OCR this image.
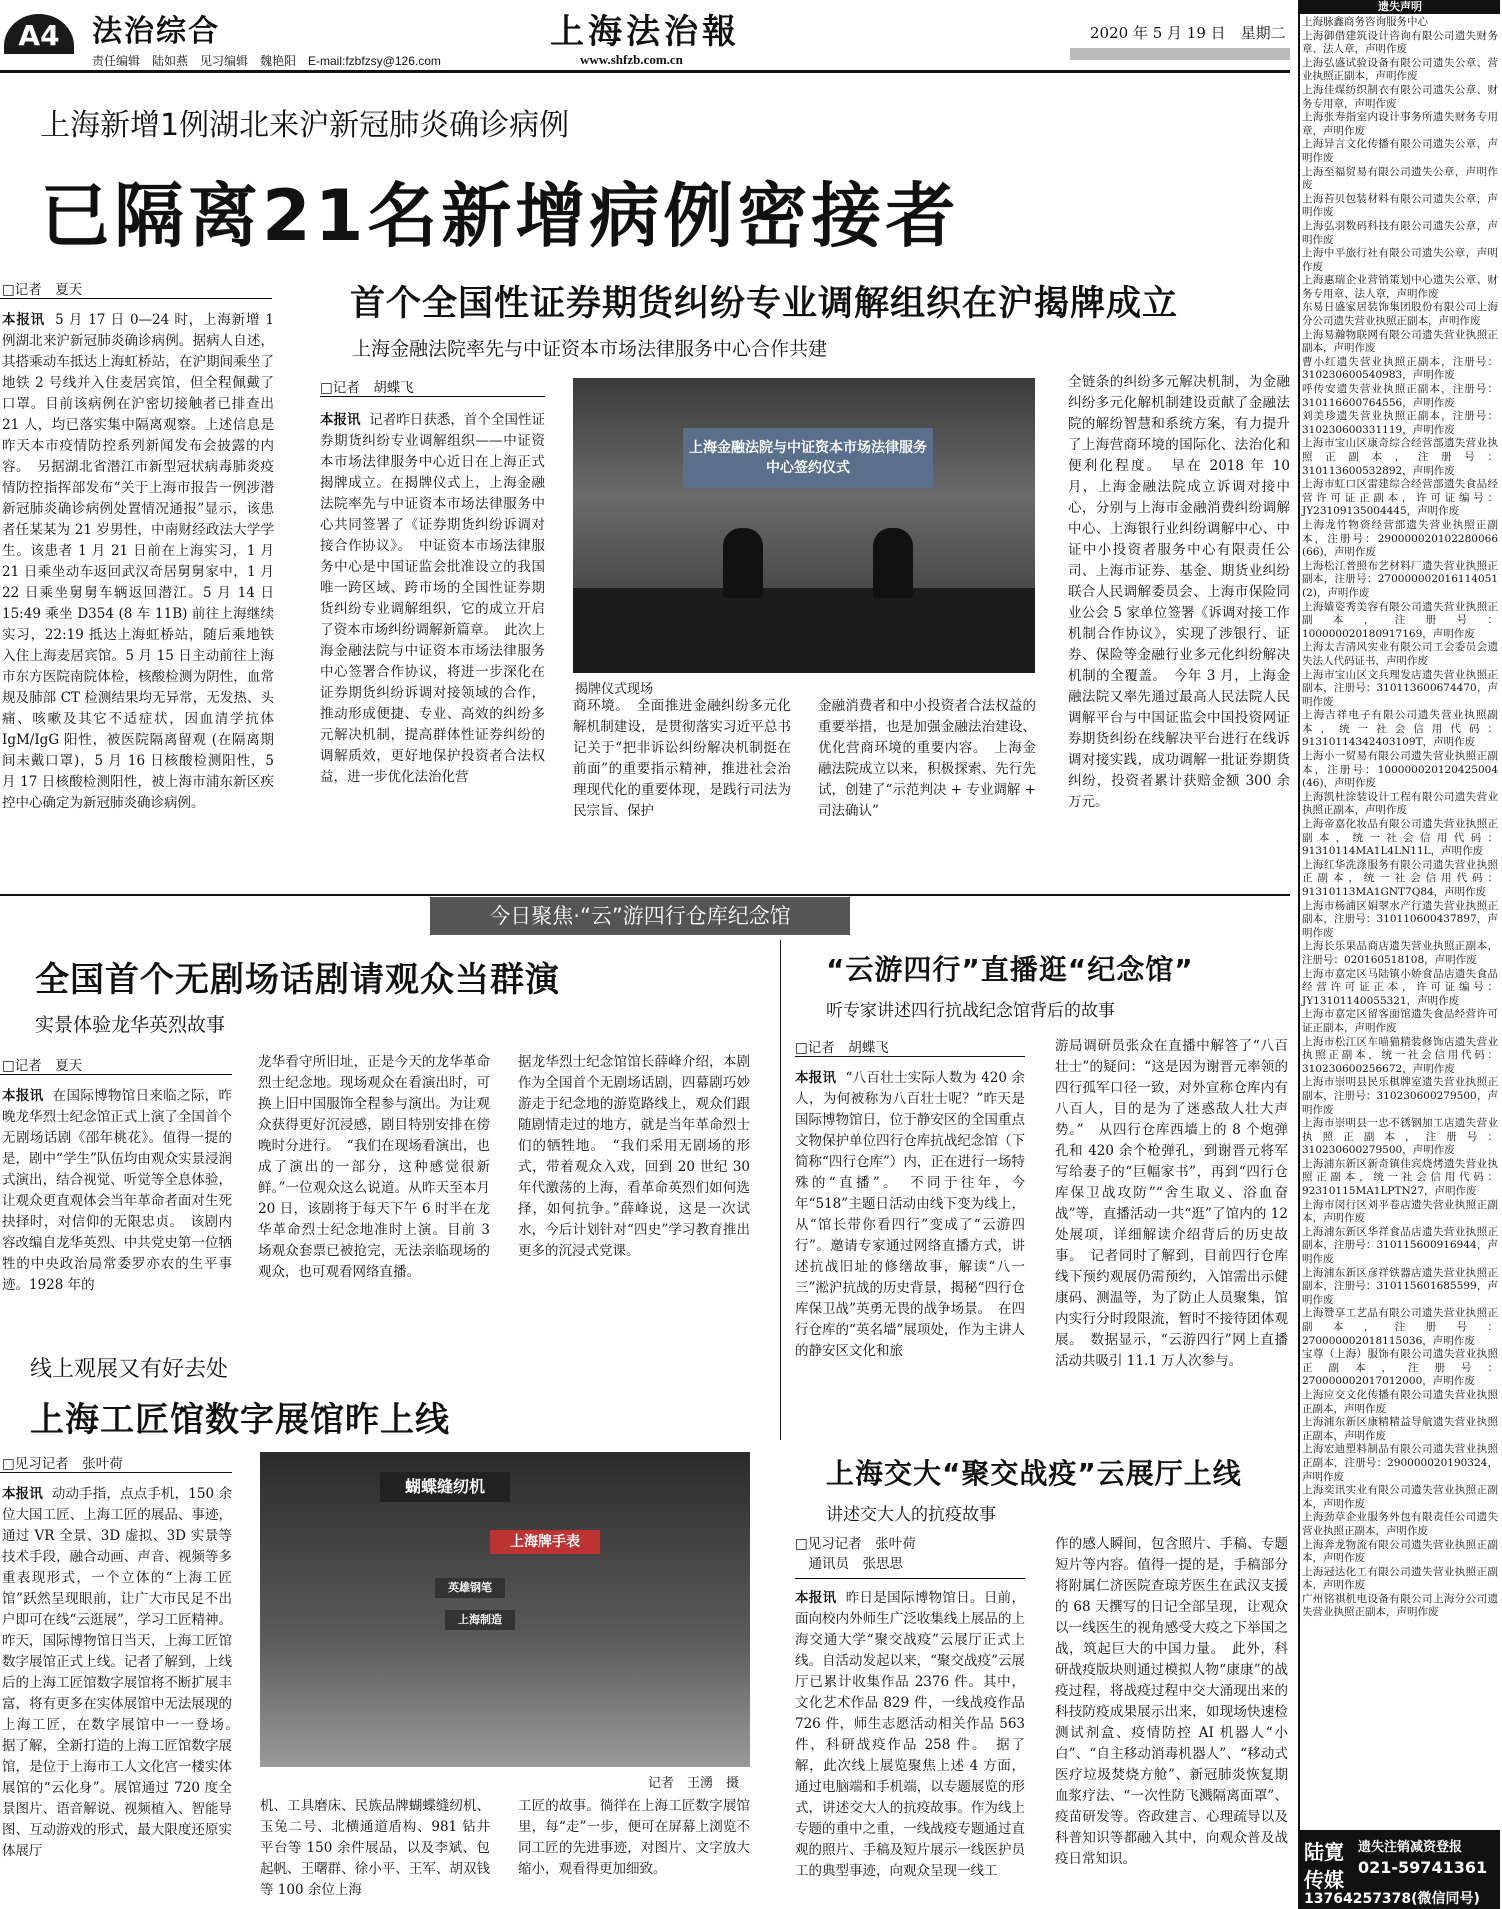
A4	法治综合
责任编辑　陆如燕　见习编辑　魏艳阳　E-mail:fzbfzsy@126.com
上海法治報
www.shfzb.com.cn
2020 年 5 月 19 日　星期二
上海新增1例湖北来沪新冠肺炎确诊病例
已隔离21名新增病例密接者
□记者　夏天

本报讯 5 月 17 日 0—24 时，上海新增 1 例湖北来沪新冠肺炎确诊病例。据病人自述，其搭乘动车抵达上海虹桥站，在沪期间乘坐了地铁 2 号线并入住麦居宾馆，但全程佩戴了口罩。目前该病例在沪密切接触者已排查出 21 人，均已落实集中隔离观察。上述信息是昨天本市疫情防控系列新闻发布会披露的内容。　另据湖北省潜江市新型冠状病毒肺炎疫情防控指挥部发布“关于上海市报告一例涉潜新冠肺炎确诊病例处置情况通报”显示，该患者任某某为 21 岁男性，中南财经政法大学学生。该患者 1 月 21 日前在上海实习，1 月 21 日乘坐动车返回武汉奇居舅舅家中，1 月 22 日乘坐舅舅车辆返回潜江。5 月 14 日 15:49 乘坐 D354 (8 车 11B) 前往上海继续实习，22:19 抵达上海虹桥站，随后乘地铁入住上海麦居宾馆。5 月 15 日主动前往上海市东方医院南院体检，核酸检测为阴性，血常规及肺部 CT 检测结果均无异常，无发热、头痛、咳嗽及其它不适症状，因血清学抗体IgM/IgG 阳性，被医院隔离留观 (在隔离期间未戴口罩)，5 月 16 日核酸检测阳性，5 月 17 日核酸检测阳性，被上海市浦东新区疾控中心确定为新冠肺炎确诊病例。

首个全国性证券期货纠纷专业调解组织在沪揭牌成立
上海金融法院率先与中证资本市场法律服务中心合作共建
□记者　胡蝶飞

本报讯 记者昨日获悉，首个全国性证券期货纠纷专业调解组织——中证资本市场法律服务中心近日在上海正式揭牌成立。在揭牌仪式上，上海金融法院率先与中证资本市场法律服务中心共同签署了《证券期货纠纷诉调对接合作协议》。　中证资本市场法律服务中心是中国证监会批准设立的我国唯一跨区域、跨市场的全国性证券期货纠纷专业调解组织，它的成立开启了资本市场纠纷调解新篇章。　此次上海金融法院与中证资本市场法律服务中心签署合作协议，将进一步深化在证券期货纠纷诉调对接领域的合作，推动形成便捷、专业、高效的纠纷多元解决机制，提高群体性证券纠纷的调解质效，更好地保护投资者合法权益，进一步优化法治化营

上海金融法院与中证资本市场法律服务中心签约仪式
揭牌仪式现场

商环境。　全面推进金融纠纷多元化解机制建设，是贯彻落实习近平总书记关于“把非诉讼纠纷解决机制挺在前面”的重要指示精神，推进社会治理现代化的重要体现，是践行司法为民宗旨、保护

金融消费者和中小投资者合法权益的重要举措，也是加强金融法治建设、优化营商环境的重要内容。　上海金融法院成立以来，积极探索、先行先试，创建了“示范判决 + 专业调解 + 司法确认”

全链条的纠纷多元解决机制，为金融纠纷多元化解机制建设贡献了金融法院的解纷智慧和系统方案，有力提升了上海营商环境的国际化、法治化和便利化程度。　早在 2018 年 10 月，上海金融法院成立诉调对接中心，分别与上海市金融消费纠纷调解中心、上海银行业纠纷调解中心、中证中小投资者服务中心有限责任公司、上海市证券、基金、期货业纠纷联合人民调解委员会、上海市保险同业公会 5 家单位签署《诉调对接工作机制合作协议》，实现了涉银行、证券、保险等金融行业多元化纠纷解决机制的全覆盖。　今年 3 月，上海金融法院又率先通过最高人民法院人民调解平台与中国证监会中国投资网证券期货纠纷在线解决平台进行在线诉调对接实践，成功调解一批证券期货纠纷，投资者累计获赔金额 300 余万元。

今日聚焦·“云”游四行仓库纪念馆
全国首个无剧场话剧请观众当群演
实景体验龙华英烈故事
□记者　夏天

本报讯 在国际博物馆日来临之际，昨晚龙华烈士纪念馆正式上演了全国首个无剧场话剧《邵年桃花》。值得一提的是，剧中“学生”队伍均由观众实景浸润式演出，结合视觉、听觉等全息体验，让观众更直观体会当年革命者面对生死抉择时，对信仰的无限忠贞。　该剧内容改编自龙华英烈、中共党史第一位牺牲的中央政治局常委罗亦农的生平事迹。1928 年的

龙华看守所旧址，正是今天的龙华革命烈士纪念地。现场观众在看演出时，可换上旧中国服饰全程参与演出。为让观众获得更好沉浸感，剧目特别安排在傍晚时分进行。　“我们在现场看演出，也成了演出的一部分，这种感觉很新鲜。”一位观众这么说道。从昨天至本月 20 日，该剧将于每天下午 6 时半在龙华革命烈士纪念地准时上演。目前 3 场观众套票已被抢完，无法亲临现场的观众，也可观看网络直播。

据龙华烈士纪念馆馆长薛峰介绍，本剧作为全国首个无剧场话剧，四幕剧巧妙游走于纪念地的游览路线上，观众们跟随剧情走过的地方，就是当年革命烈士们的牺牲地。　“我们采用无剧场的形式，带着观众入戏，回到 20 世纪 30 年代激荡的上海，看革命英烈们如何选择，如何抗争。”薛峰说，这是一次试水，今后计划针对“四史”学习教育推出更多的沉浸式党课。

“云游四行”直播逛“纪念馆”
听专家讲述四行抗战纪念馆背后的故事
□记者　胡蝶飞

本报讯 “八百壮士实际人数为 420 余人，为何被称为八百壮士呢？”昨天是国际博物馆日，位于静安区的全国重点文物保护单位四行仓库抗战纪念馆（下简称“四行仓库”）内，正在进行一场特殊的“直播”。　不同于往年，今年“518”主题日活动由线下变为线上，从“馆长带你看四行”变成了“云游四行”。邀请专家通过网络直播方式，讲述抗战旧址的修缮故事，解读“八一三”淞沪抗战的历史背景，揭秘“四行仓库保卫战”英勇无畏的战争场景。　在四行仓库的“英名墙”展项处，作为主讲人的静安区文化和旅

游局调研员张众在直播中解答了“八百壮士”的疑问：“这是因为谢晋元率领的四行孤军口径一致，对外宣称仓库内有八百人，目的是为了迷惑敌人壮大声势。”　从四行仓库西墙上的 8 个炮弹孔和 420 余个枪弹孔，到谢晋元将军写给妻子的“巨幅家书”，再到“四行仓库保卫战攻防”“舍生取义、浴血奋战”等，直播活动一共“逛”了馆内的 12 处展项，详细解读介绍背后的历史故事。　记者同时了解到，目前四行仓库线下预约观展仍需预约，入馆需出示健康码、测温等，为了防止人员聚集，馆内实行分时段限流，暂时不接待团体观展。　数据显示，“云游四行”网上直播活动共吸引 11.1 万人次参与。

线上观展又有好去处
上海工匠馆数字展馆昨上线
□见习记者　张叶荷

本报讯 动动手指，点点手机，150 余位大国工匠、上海工匠的展品、事迹，通过 VR 全景、3D 虚拟、3D 实景等技术手段，融合动画、声音、视频等多重表现形式，一个立体的“上海工匠馆”跃然呈现眼前，让广大市民足不出户即可在线“云逛展”，学习工匠精神。昨天，国际博物馆日当天，上海工匠馆数字展馆正式上线。记者了解到，上线后的上海工匠馆数字展馆将不断扩展丰富，将有更多在实体展馆中无法展现的上海工匠，在数字展馆中一一登场。　据了解，全新打造的上海工匠馆数字展馆，是位于上海市工人文化宫一楼实体展馆的“云化身”。展馆通过 720 度全景图片、语音解说、视频植入、智能导图、互动游戏的形式，最大限度还原实体展厅

蝴蝶缝纫机
上海牌手表
英雄钢笔
上海制造
记者　王湧　摄

机、工具磨床、民族品牌蝴蝶缝纫机、玉兔二号、北横通道盾构、981 钻井平台等 150 余件展品，以及李斌、包起帆、王曙群、徐小平、王军、胡双钱等 100 余位上海

工匠的故事。徜徉在上海工匠数字展馆里，每“走”一步，便可在屏幕上浏览不同工匠的先进事迹，对图片、文字放大缩小，观看得更加细致。

上海交大“聚交战疫”云展厅上线
讲述交大人的抗疫故事
□见习记者　张叶荷
　通讯员　张思思

本报讯 昨日是国际博物馆日。日前，面向校内外师生广泛收集线上展品的上海交通大学“聚交战疫”云展厅正式上线。自活动发起以来，“聚交战疫”云展厅已累计收集作品 2376 件。其中，文化艺术作品 829 件，一线战疫作品 726 件，师生志愿活动相关作品 563 件，科研战疫作品 258 件。　据了解，此次线上展览聚焦上述 4 方面，通过电脑端和手机端，以专题展览的形式，讲述交大人的抗疫故事。作为线上专题的重中之重，一线战疫专题通过直观的照片、手稿及短片展示一线医护员工的典型事迹，向观众呈现一线工

作的感人瞬间，包含照片、手稿、专题短片等内容。值得一提的是，手稿部分将附属仁济医院查琼芳医生在武汉支援的 68 天撰写的日记全部呈现，让观众以一线医生的视角感受大疫之下举国之战，筑起巨大的中国力量。　此外，科研战疫版块则通过模拟人物“康康”的战疫过程，将战疫过程中交大涌现出来的科技防疫成果展示出来，如现场快速检测试剂盒、疫情防控 AI 机器人“小白”、“自主移动消毒机器人”、“移动式医疗垃圾焚烧方舱”、新冠肺炎恢复期血浆疗法、“一次性防飞溅隔离面罩”、疫苗研发等。咨政建言、心理疏导以及科普知识等都融入其中，向观众普及战疫日常知识。

遗失声明
上海脉鑫商务咨询服务中心
上海御借建筑设计咨询有限公司遗失财务章、法人章，声明作废
上海弘盛试验设备有限公司遗失公章、营业执照正副本，声明作废
上海佳煤纺织制衣有限公司遗失公章、财务专用章，声明作废
上海张寿指室内设计事务所遗失财务专用章，声明作废
上海异言文化传播有限公司遗失公章，声明作废
上海至福贸易有限公司遗失公章，声明作废
上海苔贝包装材料有限公司遗失公章，声明作废
上海弘羽数码科技有限公司遗失公章，声明作废
上海中平旅行社有限公司遗失公章，声明作废
上海惠瑞企业营销策划中心遗失公章、财务专用章、法人章，声明作废
东易日盛家居装饰集团股份有限公司上海分公司遗失营业执照正副本，声明作废
上海易瀚物联网有限公司遗失营业执照正副本，声明作废
曹小红遗失营业执照正副本，注册号：310230600540983，声明作废
呼传安遗失营业执照正副本，注册号：310116600764556，声明作废
刘美珍遗失营业执照正副本，注册号：310230600331119，声明作废
上海市宝山区康奇综合经营部遗失营业执照正副本，注册号：310113600532892，声明作废
上海市虹口区雷建综合经营部遗失食品经营许可证正副本，许可证编号：JY23109135004445，声明作废
上海龙竹物资经营部遗失营业执照正副本，注册号：290000020102280066 (66)，声明作废
上海松江普照布艺材料厂遗失营业执照正副本，注册号：270000002016114051 (2)，声明作废
上海嫱姿秀美容有限公司遗失营业执照正副本，注册号：100000020180917169，声明作废
上海太吉清风实业有限公司工会委员会遗失法人代码证书，声明作废
上海市宝山区文兵理发店遗失营业执照正副本，注册号：310113600674470，声明作废
上海吉祥电子有限公司遗失营业执照副本，统一社会信用代码：91310114342403109T，声明作废
上海小一贸易有限公司遗失营业执照正副本，注册号：100000020120425004 (46)，声明作废
上海凯杜涂装设计工程有限公司遗失营业执照正副本，声明作废
上海帝嘉化妆品有限公司遗失营业执照正副本，统一社会信用代码：91310114MA1L4LN11L，声明作废
上海红华洗涤服务有限公司遗失营业执照正副本，统一社会信用代码：91310113MA1GNT7Q84，声明作废
上海市杨浦区娟翠水产行遗失营业执照正副本，注册号：310110600437897，声明作废
上海长乐果品商店遗失营业执照正副本，注册号：020160518108，声明作废
上海市嘉定区马陆镇小娇食品店遗失食品经营许可证正本，许可证编号：JY13101140055321，声明作废
上海市嘉定区留客面馆遗失食品经营许可证正副本，声明作废
上海市松江区车喵猫精装修饰店遗失营业执照正副本，统一社会信用代码：310230600256672，声明作废
上海市崇明县民乐棋牌室遗失营业执照正副本，注册号：310230600279500，声明作废
上海市崇明县一忠不锈钢加工店遗失营业执照正副本，注册号：310230600279500，声明作废
上海浦东新区新奇镇佳宾烧烤遗失营业执照正副本，统一社会信用代码：92310115MA1LPTN27，声明作废
上海市闵行区刘平卷店遗失营业执照正副本，声明作废
上海浦东新区华祥食品店遗失营业执照正副本，注册号：310115600916944，声明作废
上海浦东新区彦祥铁器店遗失营业执照正副本，注册号：310115601685599，声明作废
上海赞享工艺品有限公司遗失营业执照正副本，注册号：270000002018115036，声明作废
宝尊（上海）服饰有限公司遗失营业执照正副本，注册号：270000002017012000，声明作废
上海应交文化传播有限公司遗失营业执照正副本，声明作废
上海浦东新区康精精益导航遗失营业执照正副本，声明作废
上海宏迪塑料制品有限公司遗失营业执照正副本，注册号：290000020190324，声明作废
上海奕讯实业有限公司遗失营业执照正副本，声明作废
上海劲草企业服务外包有限责任公司遗失营业执照正副本，声明作废
上海奔龙物流有限公司遗失营业执照正副本，声明作废
上海冠达化工有限公司遗失营业执照正副本，声明作废
广州铭祺机电设备有限公司上海分公司遗失营业执照正副本，声明作废
陆寛 遗失注销减资登报
021-59741361
传媒
13764257378(微信同号)
